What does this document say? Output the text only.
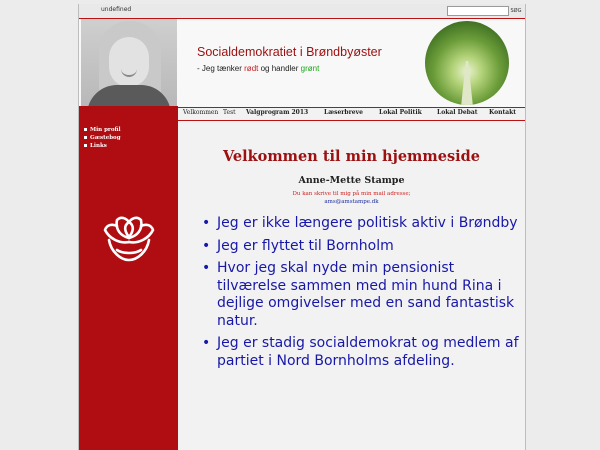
undefined	SØG
Socialdemokratiet i Brøndbyøster
- Jeg tænker rødt og handler grønt
Min profil
Gæstebog
Links
Velkommen Test Valgprogram 2013	Læserbreve	Lokal Politik	Lokal Debat Kontakt
Velkommen til min hjemmeside
Anne-Mette Stampe
Du kan skrive til mig på min mail adresse;
ams@amstampe.dk
• Jeg er ikke længere politisk aktiv i Brøndby
• Jeg er flyttet til Bornholm
• Hvor jeg skal nyde min pensionist tilværelse sammen med min hund Rina i dejlige omgivelser med en sand fantastisk natur.
• Jeg er stadig socialdemokrat og medlem af partiet i Nord Bornholms afdeling.
